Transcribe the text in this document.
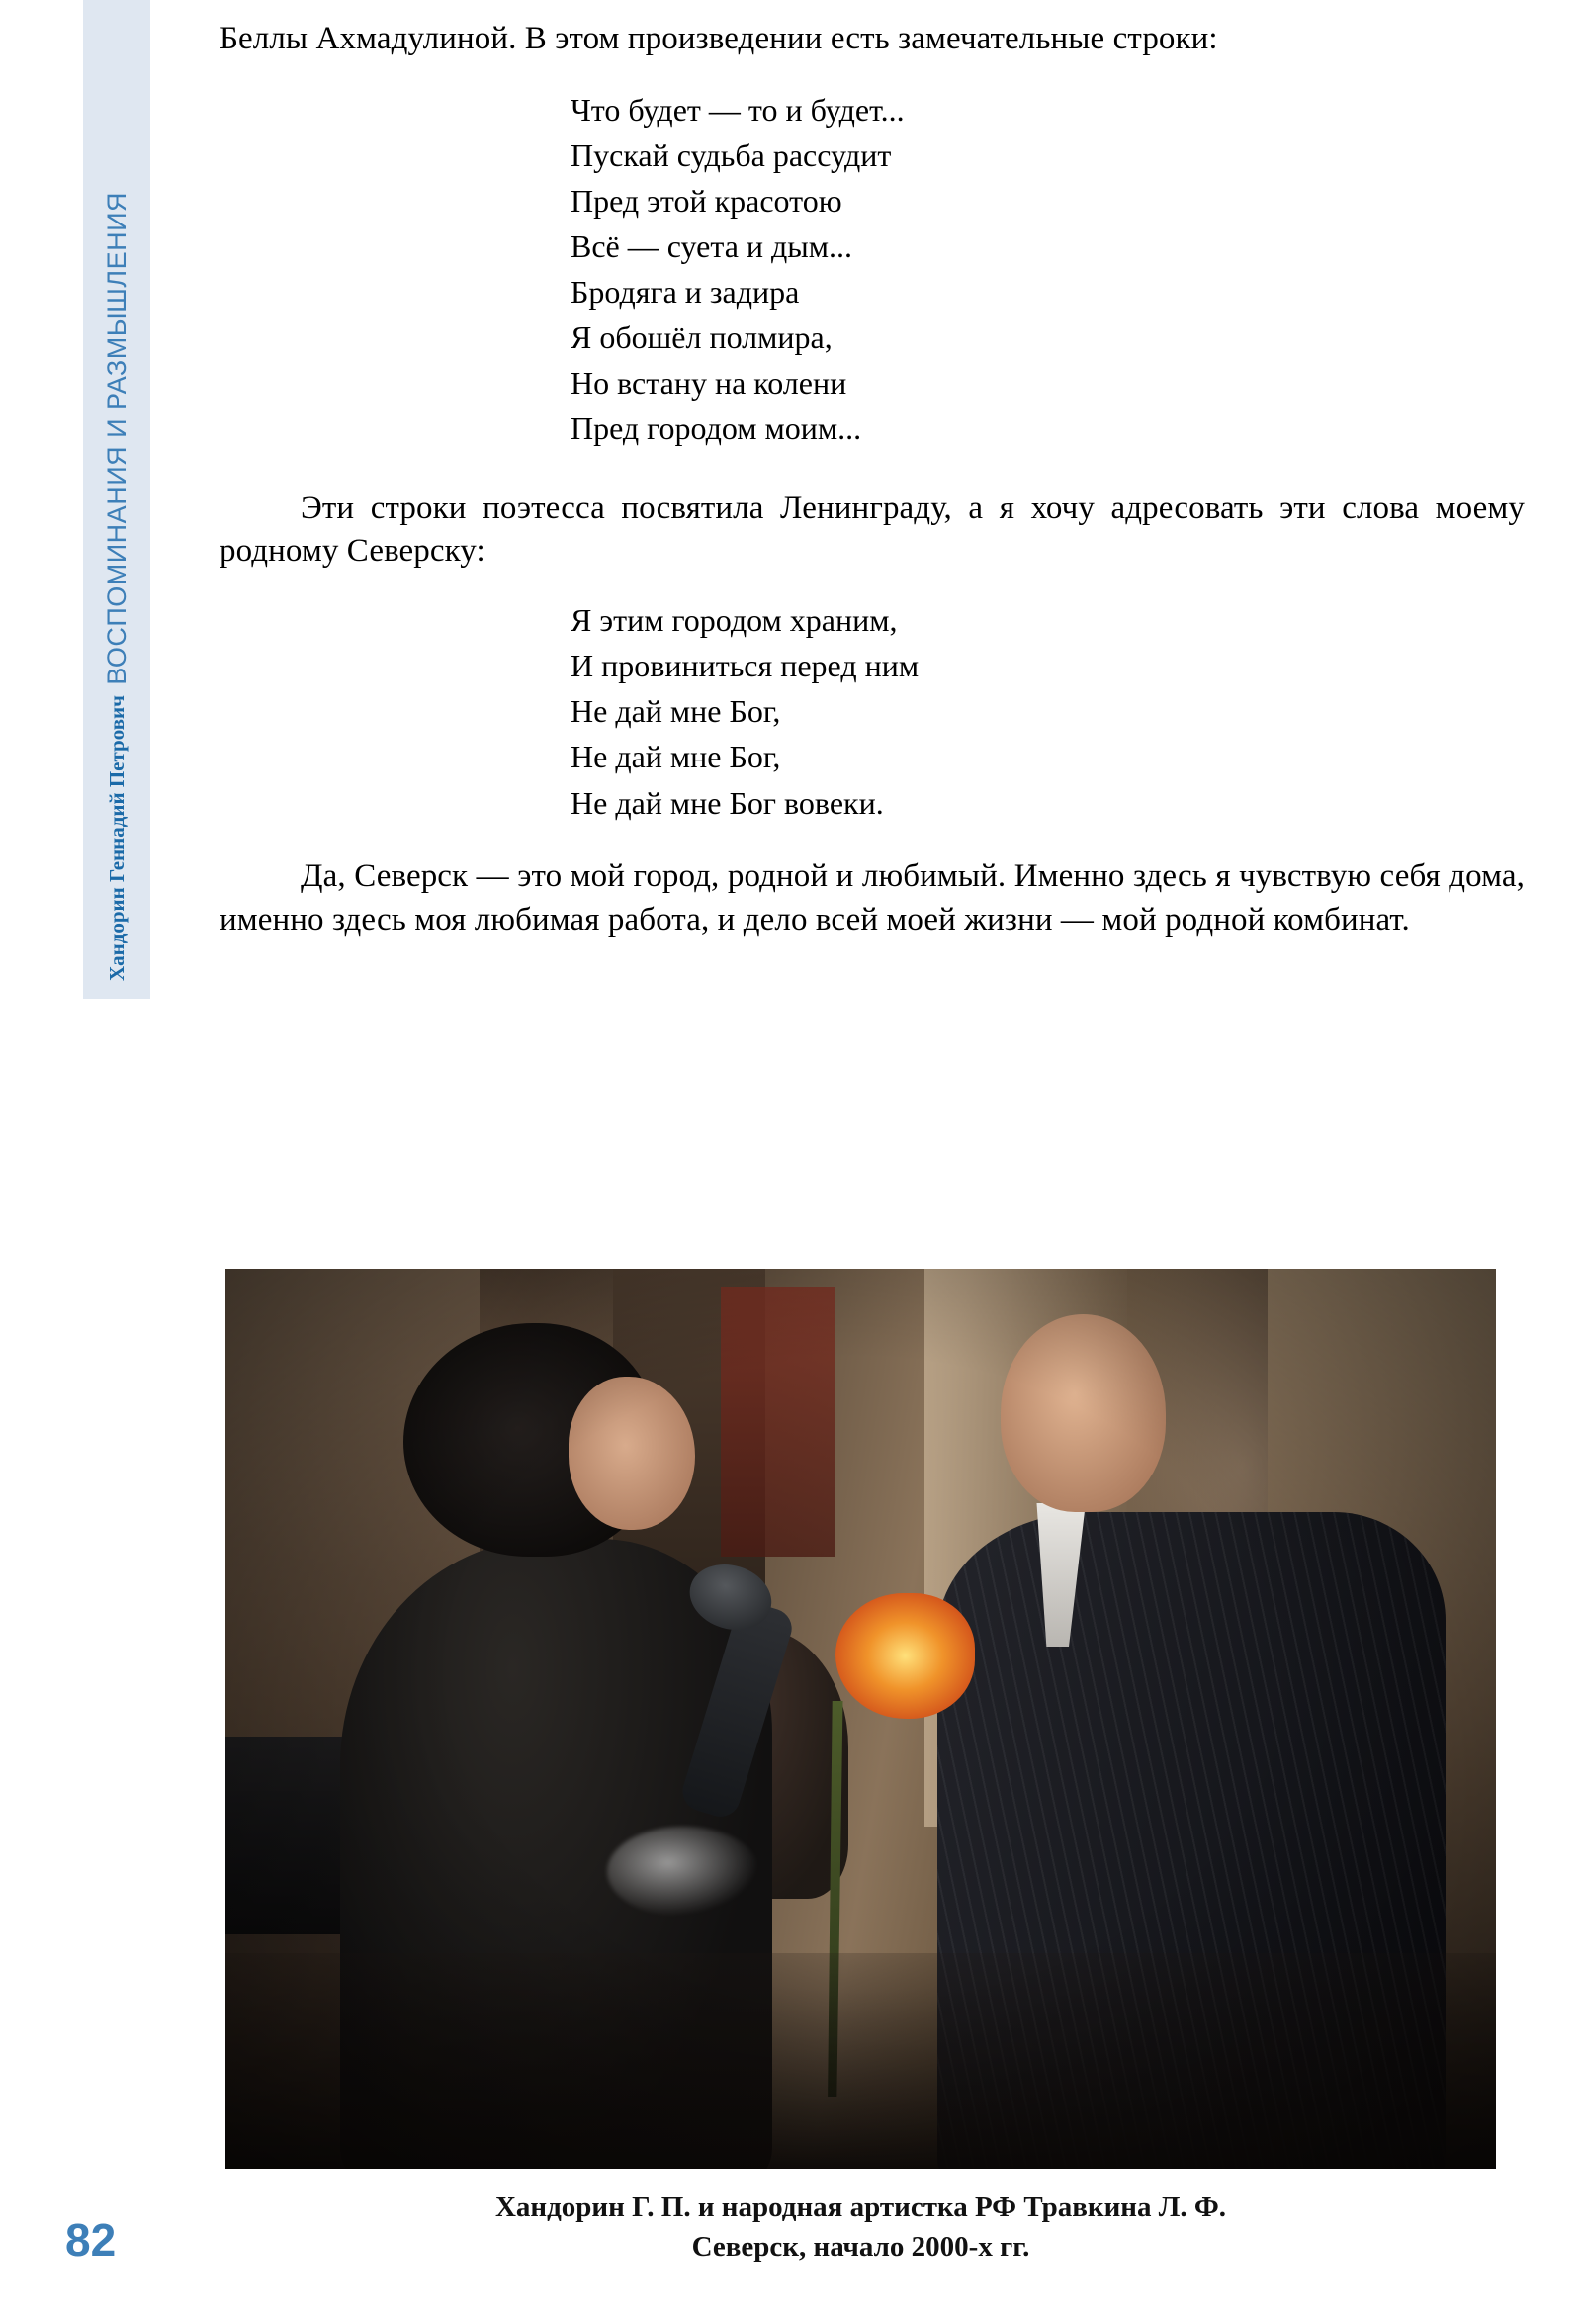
ВОСПОМИНАНИЯ И РАЗМЫШЛЕНИЯ
Хандорин Геннадий Петрович

Беллы Ахмадулиной. В этом произведении есть замечательные строки:

Что будет — то и будет...
Пускай судьба рассудит
Пред этой красотою
Всё — суета и дым...
Бродяга и задира
Я обошёл полмира,
Но встану на колени
Пред городом моим...

Эти строки поэтесса посвятила Ленинграду, а я хочу адресовать эти слова моему родному Северску:

Я этим городом храним,
И провиниться перед ним
Не дай мне Бог,
Не дай мне Бог,
Не дай мне Бог вовеки.

Да, Северск — это мой город, родной и любимый. Именно здесь я чувствую себя дома, именно здесь моя любимая работа, и дело всей моей жизни — мой родной комбинат.

Хандорин Г. П. и народная артистка РФ Травкина Л. Ф.
Северск, начало 2000-х гг.
82
